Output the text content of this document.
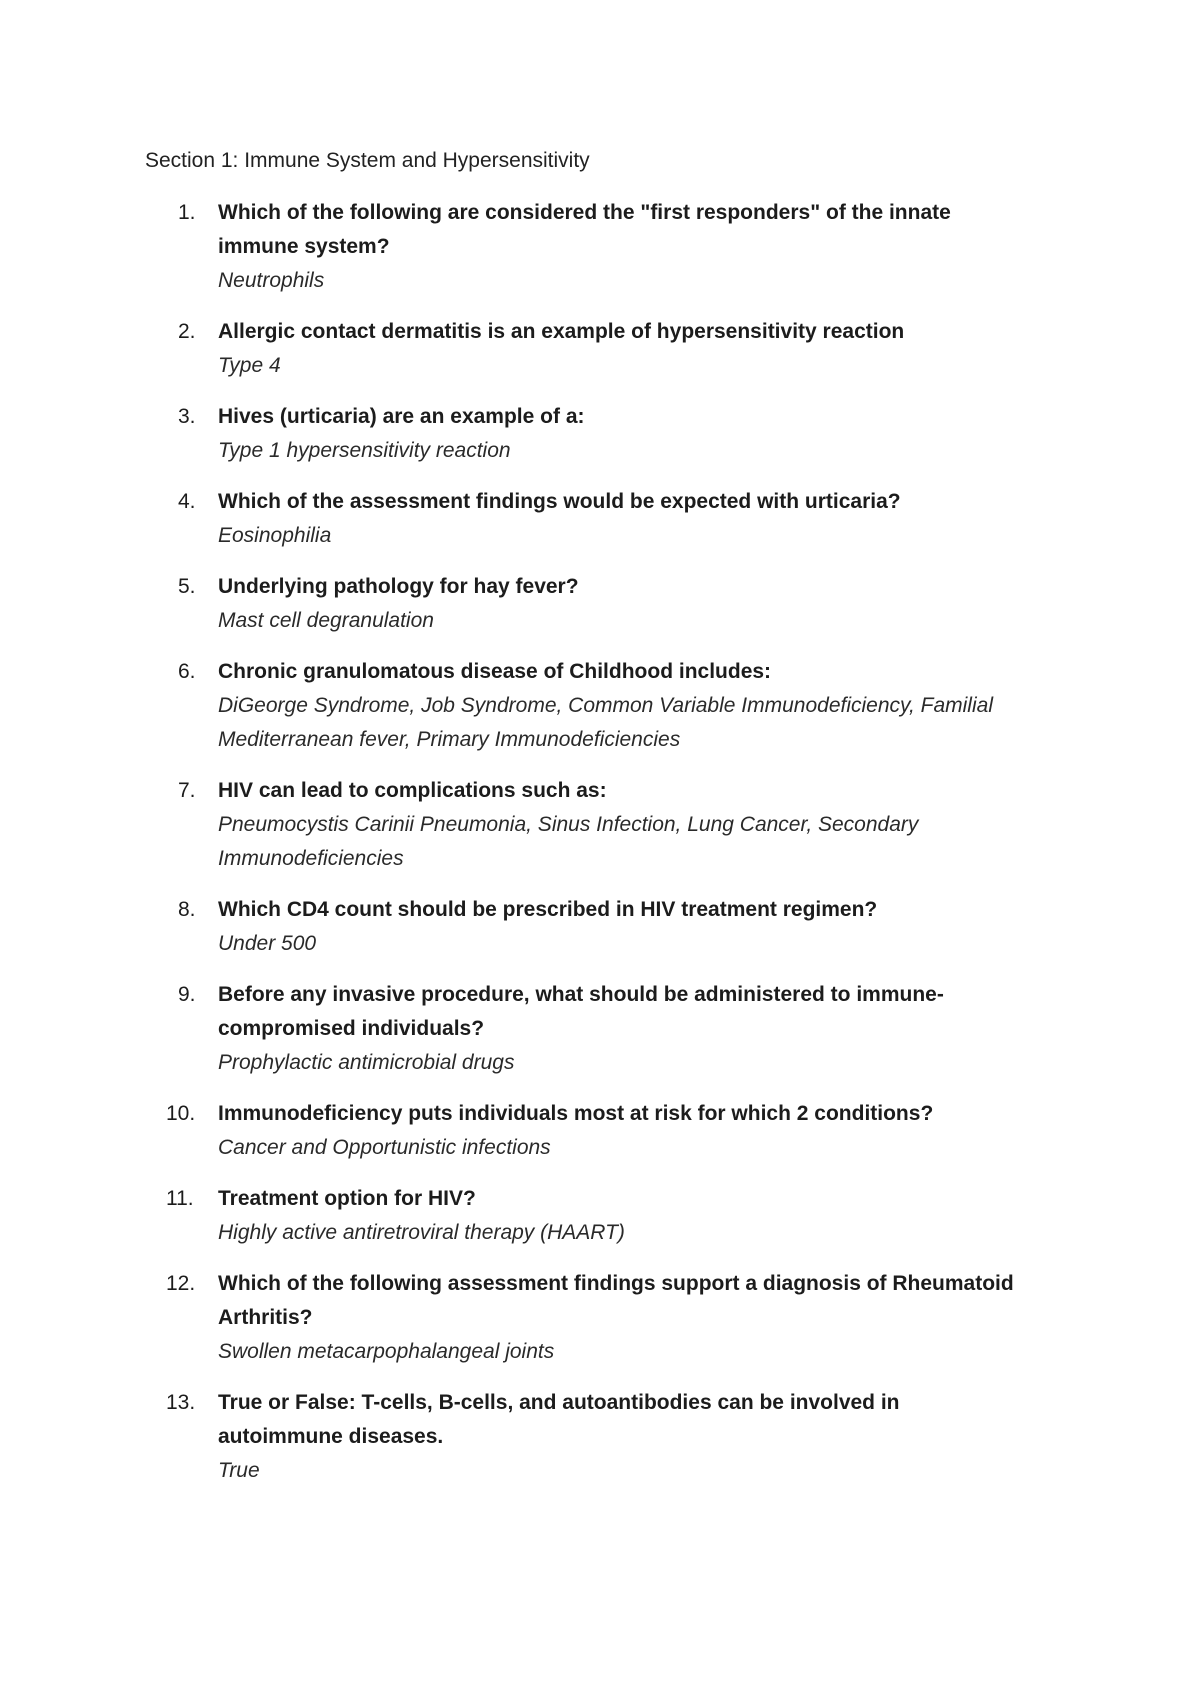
Section 1: Immune System and Hypersensitivity
1. Which of the following are considered the "first responders" of the innate immune system?
Neutrophils
2. Allergic contact dermatitis is an example of hypersensitivity reaction
Type 4
3. Hives (urticaria) are an example of a:
Type 1 hypersensitivity reaction
4. Which of the assessment findings would be expected with urticaria?
Eosinophilia
5. Underlying pathology for hay fever?
Mast cell degranulation
6. Chronic granulomatous disease of Childhood includes:
DiGeorge Syndrome, Job Syndrome, Common Variable Immunodeficiency, Familial Mediterranean fever, Primary Immunodeficiencies
7. HIV can lead to complications such as:
Pneumocystis Carinii Pneumonia, Sinus Infection, Lung Cancer, Secondary Immunodeficiencies
8. Which CD4 count should be prescribed in HIV treatment regimen?
Under 500
9. Before any invasive procedure, what should be administered to immune-compromised individuals?
Prophylactic antimicrobial drugs
10. Immunodeficiency puts individuals most at risk for which 2 conditions?
Cancer and Opportunistic infections
11. Treatment option for HIV?
Highly active antiretroviral therapy (HAART)
12. Which of the following assessment findings support a diagnosis of Rheumatoid Arthritis?
Swollen metacarpophalangeal joints
13. True or False: T-cells, B-cells, and autoantibodies can be involved in autoimmune diseases.
True
